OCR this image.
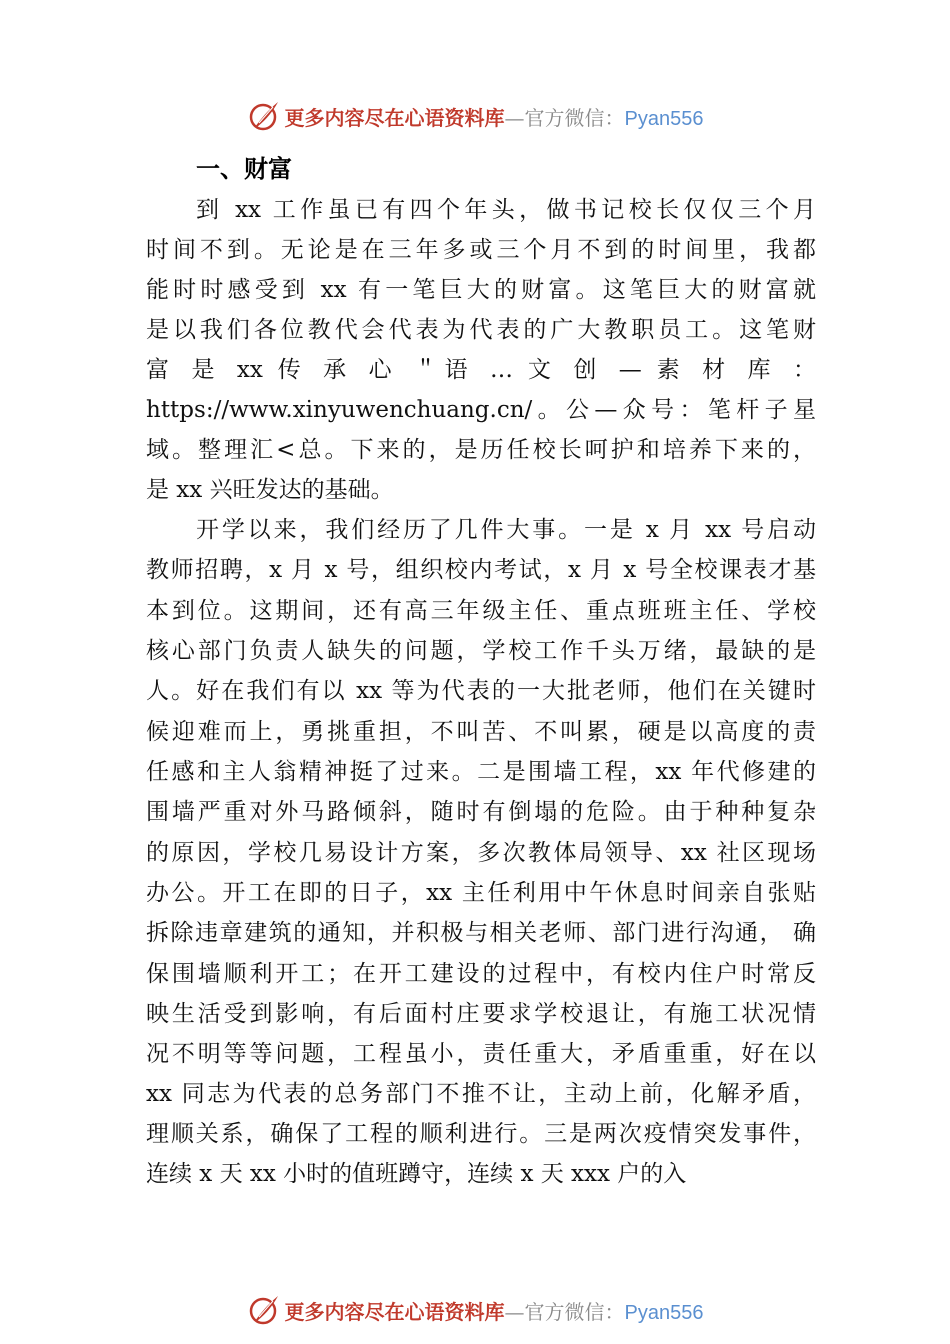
更多内容尽在心语资料库—官方微信：Pyan556
一、财富
到 xx 工作虽已有四个年头，做书记校长仅仅三个月
时间不到。无论是在三年多或三个月不到的时间里，我都
能时时感受到 xx 有一笔巨大的财富。这笔巨大的财富就
是以我们各位教代会代表为代表的广大教职员工。这笔财
富 是 xx 传 承 心 ＂语 … 文 创 — 素 材 库 ：
https://www.xinyuwenchuang.cn/。公—众号：笔杆子星
域。整理汇<总。下来的，是历任校长呵护和培养下来的，
是 xx 兴旺发达的基础。
开学以来，我们经历了几件大事。一是 x 月 xx 号启动
教师招聘，x 月 x 号，组织校内考试，x 月 x 号全校课表才基
本到位。这期间，还有高三年级主任、重点班班主任、学校
核心部门负责人缺失的问题，学校工作千头万绪，最缺的是
人。好在我们有以 xx 等为代表的一大批老师，他们在关键时
候迎难而上，勇挑重担，不叫苦、不叫累，硬是以高度的责
任感和主人翁精神挺了过来。二是围墙工程，xx 年代修建的
围墙严重对外马路倾斜，随时有倒塌的危险。由于种种复杂
的原因，学校几易设计方案，多次教体局领导、xx 社区现场
办公。开工在即的日子，xx 主任利用中午休息时间亲自张贴
拆除违章建筑的通知，并积极与相关老师、部门进行沟通， 确
保围墙顺利开工；在开工建设的过程中，有校内住户时常反
映生活受到影响，有后面村庄要求学校退让，有施工状况情
况不明等等问题，工程虽小，责任重大，矛盾重重，好在以
xx 同志为代表的总务部门不推不让，主动上前，化解矛盾，
理顺关系，确保了工程的顺利进行。三是两次疫情突发事件，
连续 x 天 xx 小时的值班蹲守，连续 x 天 xxx 户的入
更多内容尽在心语资料库—官方微信：Pyan556
